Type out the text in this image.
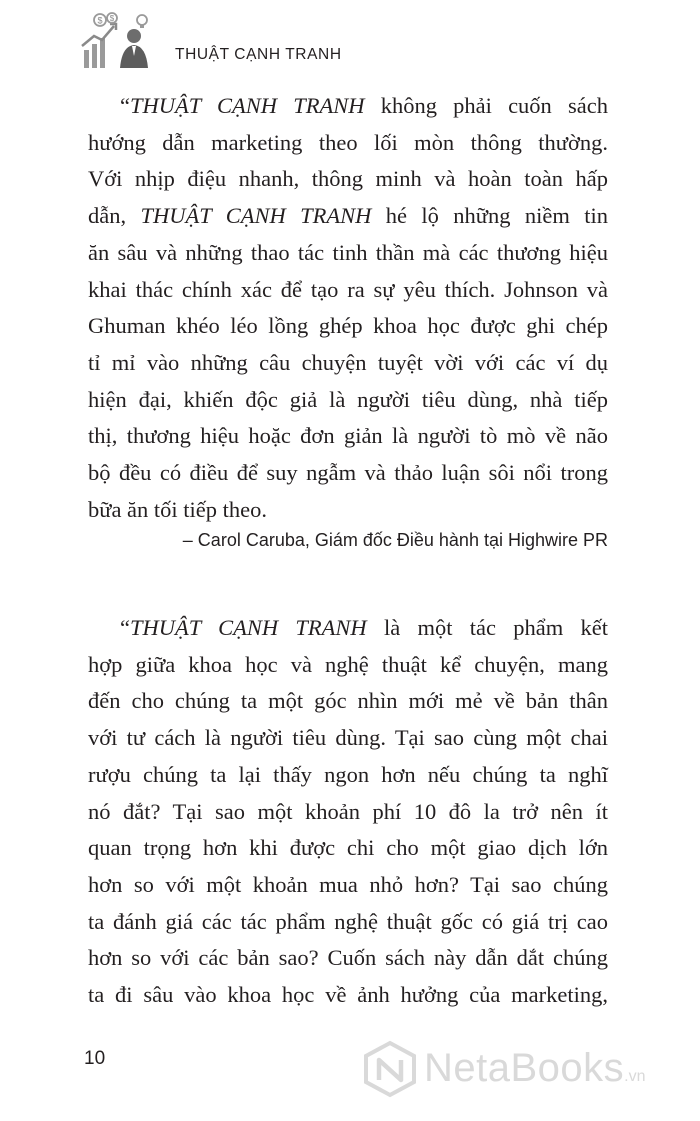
$ $
THUẬT CẠNH TRANH
“THUẬT CẠNH TRANH không phải cuốn sách
hướng dẫn marketing theo lối mòn thông thường.
Với nhịp điệu nhanh, thông minh và hoàn toàn hấp
dẫn, THUẬT CẠNH TRANH hé lộ những niềm tin
ăn sâu và những thao tác tinh thần mà các thương hiệu
khai thác chính xác để tạo ra sự yêu thích. Johnson và
Ghuman khéo léo lồng ghép khoa học được ghi chép
tỉ mỉ vào những câu chuyện tuyệt vời với các ví dụ
hiện đại, khiến độc giả là người tiêu dùng, nhà tiếp
thị, thương hiệu hoặc đơn giản là người tò mò về não
bộ đều có điều để suy ngẫm và thảo luận sôi nổi trong
bữa ăn tối tiếp theo.
– Carol Caruba, Giám đốc Điều hành tại Highwire PR
“THUẬT CẠNH TRANH là một tác phẩm kết
hợp giữa khoa học và nghệ thuật kể chuyện, mang
đến cho chúng ta một góc nhìn mới mẻ về bản thân
với tư cách là người tiêu dùng. Tại sao cùng một chai
rượu chúng ta lại thấy ngon hơn nếu chúng ta nghĩ
nó đắt? Tại sao một khoản phí 10 đô la trở nên ít
quan trọng hơn khi được chi cho một giao dịch lớn
hơn so với một khoản mua nhỏ hơn? Tại sao chúng
ta đánh giá các tác phẩm nghệ thuật gốc có giá trị cao
hơn so với các bản sao? Cuốn sách này dẫn dắt chúng
ta đi sâu vào khoa học về ảnh hưởng của marketing,
10	NetaBooks.vn
